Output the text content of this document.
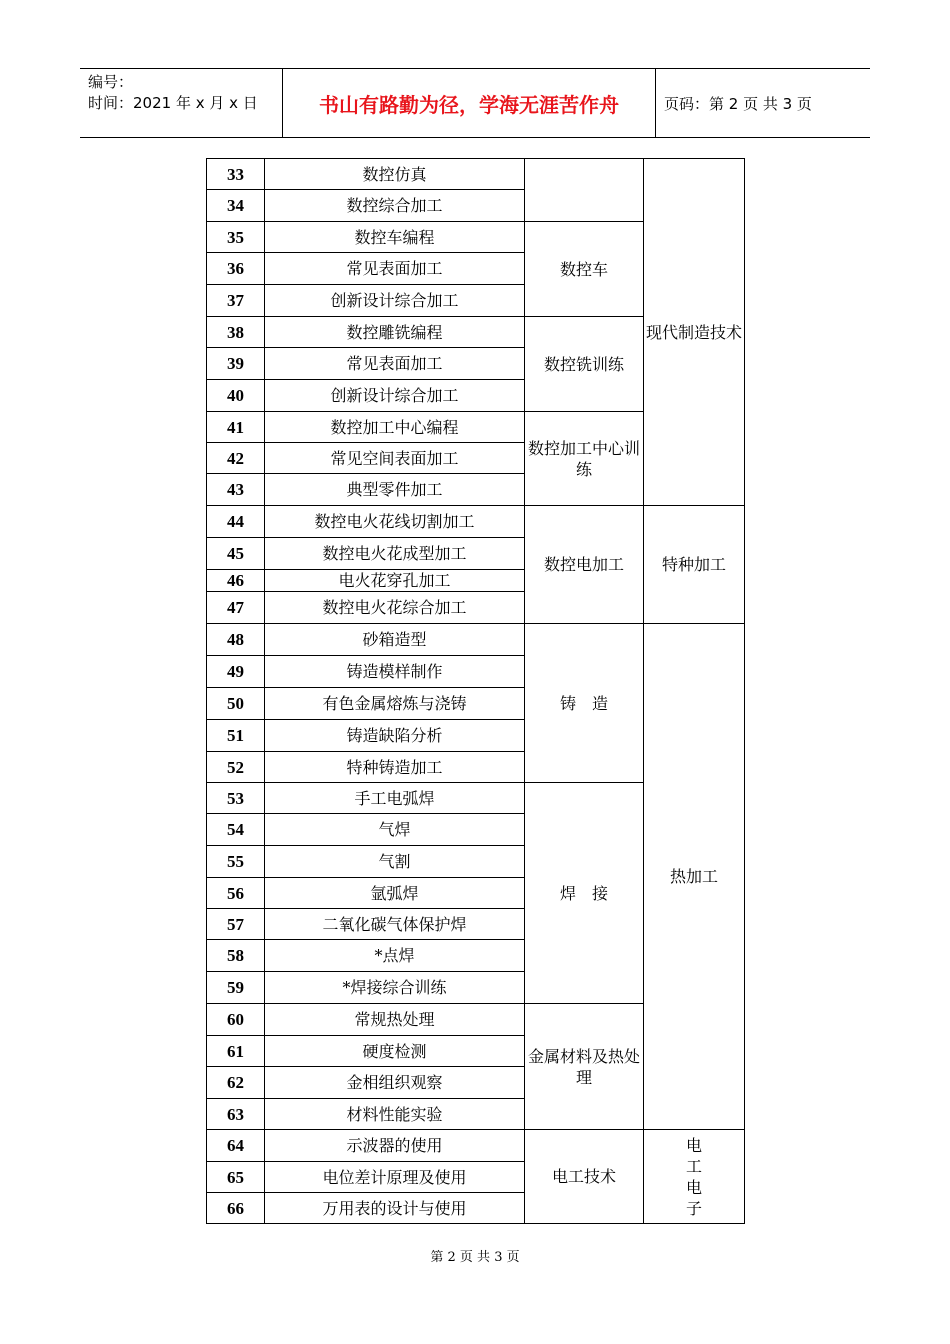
编号：
时间：2021 年 x 月 x 日	书山有路勤为径，学海无涯苦作舟	页码：第 2 页 共 3 页
33	数控仿真		现代制造技术
34	数控综合加工		
35	数控车编程	数控车	
36	常见表面加工		
37	创新设计综合加工		
38	数控雕铣编程	数控铣训练	
39	常见表面加工		
40	创新设计综合加工		
41	数控加工中心编程	数控加工中心训练	
42	常见空间表面加工		
43	典型零件加工		
44	数控电火花线切割加工	数控电加工	特种加工
45	数控电火花成型加工		
46	电火花穿孔加工		
47	数控电火花综合加工		
48	砂箱造型	铸　造	热加工
49	铸造模样制作		
50	有色金属熔炼与浇铸		
51	铸造缺陷分析		
52	特种铸造加工		
53	手工电弧焊	焊　接	
54	气焊		
55	气割		
56	氩弧焊		
57	二氧化碳气体保护焊		
58	*点焊		
59	*焊接综合训练		
60	常规热处理	金属材料及热处理	
61	硬度检测		
62	金相组织观察		
63	材料性能实验		
64	示波器的使用	电工技术	电工电子
65	电位差计原理及使用		
66	万用表的设计与使用		
第 2 页 共 3 页
